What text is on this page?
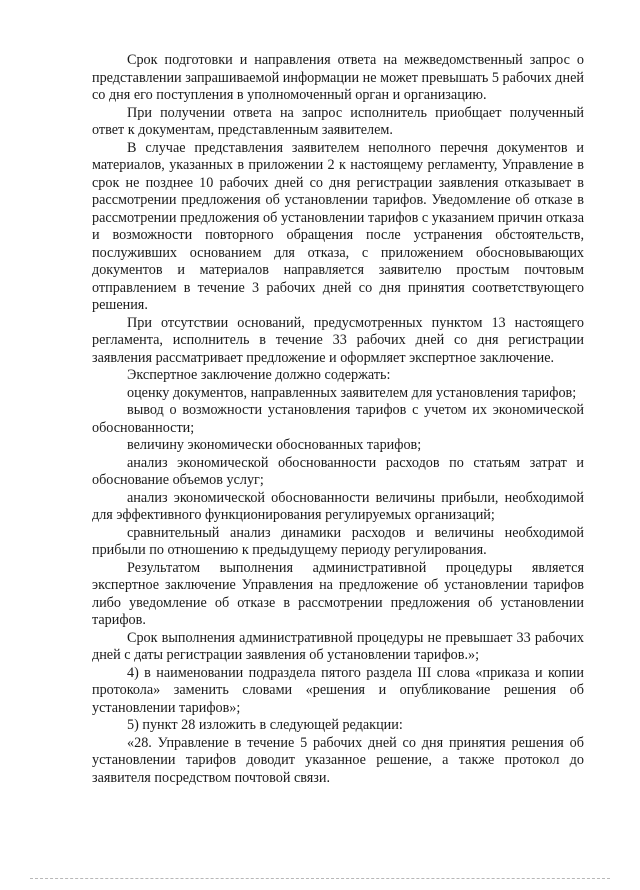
Срок подготовки и направления ответа на межведомственный запрос о представлении запрашиваемой информации не может превышать 5 рабочих дней со дня его поступления в уполномоченный орган и организацию.

При получении ответа на запрос исполнитель приобщает полученный ответ к документам, представленным заявителем.

В случае представления заявителем неполного перечня документов и материалов, указанных в приложении 2 к настоящему регламенту, Управление в срок не позднее 10 рабочих дней со дня регистрации заявления отказывает в рассмотрении предложения об установлении тарифов. Уведомление об отказе в рассмотрении предложения об установлении тарифов с указанием причин отказа и возможности повторного обращения после устранения обстоятельств, послуживших основанием для отказа, с приложением обосновывающих документов и материалов направляется заявителю простым почтовым отправлением в течение 3 рабочих дней со дня принятия соответствующего решения.

При отсутствии оснований, предусмотренных пунктом 13 настоящего регламента, исполнитель в течение 33 рабочих дней со дня регистрации заявления рассматривает предложение и оформляет экспертное заключение.

Экспертное заключение должно содержать:

оценку документов, направленных заявителем для установления тарифов;

вывод о возможности установления тарифов с учетом их экономической обоснованности;

величину экономически обоснованных тарифов;

анализ экономической обоснованности расходов по статьям затрат и обоснование объемов услуг;

анализ экономической обоснованности величины прибыли, необходимой для эффективного функционирования регулируемых организаций;

сравнительный анализ динамики расходов и величины необходимой прибыли по отношению к предыдущему периоду регулирования.

Результатом выполнения административной процедуры является экспертное заключение Управления на предложение об установлении тарифов либо уведомление об отказе в рассмотрении предложения об установлении тарифов.

Срок выполнения административной процедуры не превышает 33 рабочих дней с даты регистрации заявления об установлении тарифов.»;

4) в наименовании подраздела пятого раздела III слова «приказа и копии протокола» заменить словами «решения и опубликование решения об установлении тарифов»;

5) пункт 28 изложить в следующей редакции:

«28. Управление в течение 5 рабочих дней со дня принятия решения об установлении тарифов доводит указанное решение, а также протокол до заявителя посредством почтовой связи.
